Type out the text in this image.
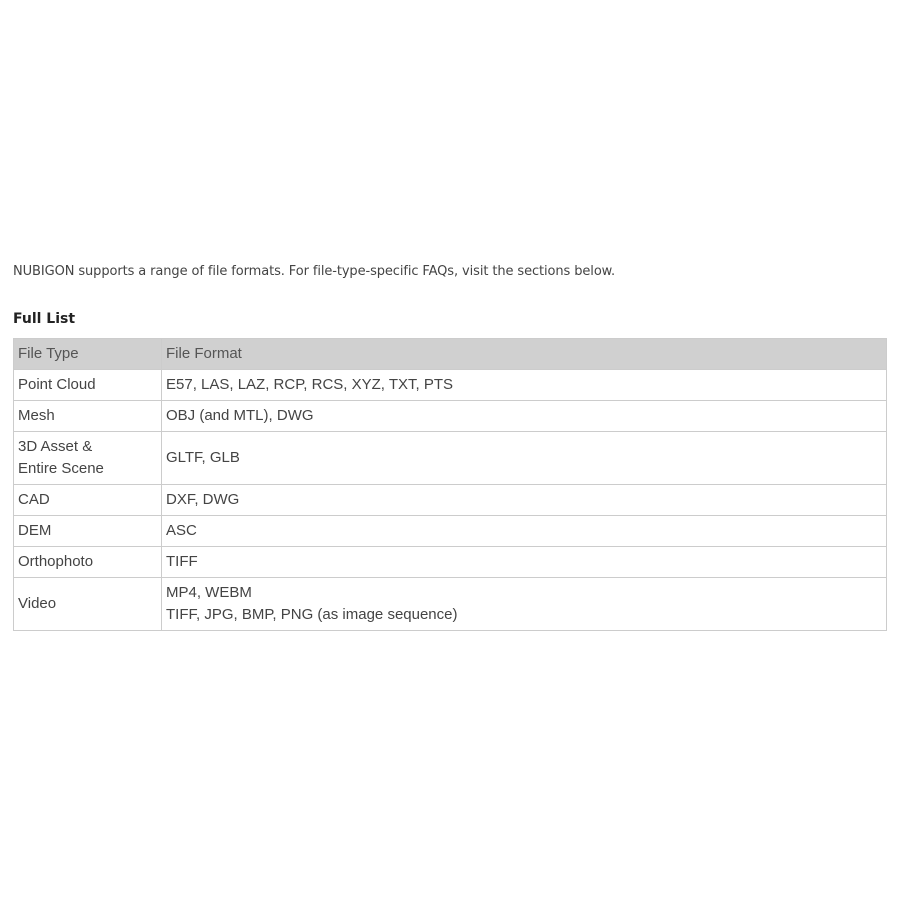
NUBIGON supports a range of file formats. For file-type-specific FAQs, visit the sections below.

Full List
File Type	File Format

Point Cloud	E57, LAS, LAZ, RCP, RCS, XYZ, TXT, PTS

Mesh	OBJ (and MTL), DWG

3D Asset &
Entire Scene	GLTF, GLB

CAD	DXF, DWG

DEM	ASC

Orthophoto	TIFF

Video	MP4, WEBM
TIFF, JPG, BMP, PNG (as image sequence)
